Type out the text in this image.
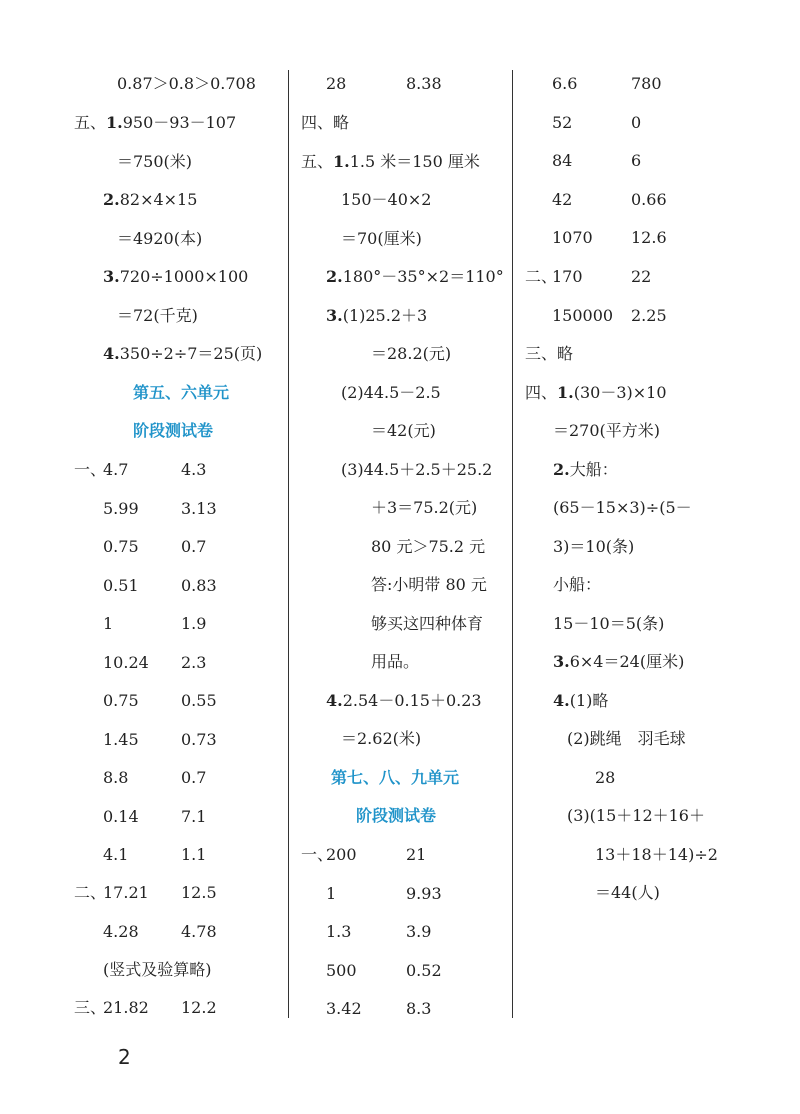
0.87＞0.8＞0.708
五、1.950－93－107
＝750(米)
2.82×4×15
＝4920(本)
3.720÷1000×100
＝72(千克)
4.350÷2÷7＝25(页)
第五、六单元
阶段测试卷
一、
4.7	4.3
5.99	3.13
0.75	0.7
0.51	0.83
1	1.9
10.24 2.3
0.75	0.55
1.45	0.73
8.8	0.7
0.14	7.1
4.1	1.1
二、
17.21 12.5
4.28	4.78
(竖式及验算略)
三、
21.82 12.2
28	8.38
四、略
五、1.1.5 米＝150 厘米
150－40×2
＝70(厘米)
2.180°－35°×2＝110°
3.(1)25.2＋3
＝28.2(元)
(2)44.5－2.5
＝42(元)
(3)44.5＋2.5＋25.2
＋3＝75.2(元)
80 元＞75.2 元
答:小明带 80 元
够买这四种体育
用品。
4.2.54－0.15＋0.23
＝2.62(米)
第七、八、九单元
阶段测试卷
一、
200	21
1	9.93
1.3	3.9
500	0.52
3.42	8.3
6.6	780
52	0
84	6
42	0.66
1070 12.6
二、
170	22
150000 2.25
三、略
四、1.(30－3)×10
＝270(平方米)
2.大船：
(65－15×3)÷(5－
3)＝10(条)
小船：
15－10＝5(条)
3.6×4＝24(厘米)
4.(1)略
(2)跳绳　羽毛球
28
(3)(15＋12＋16＋
13＋18＋14)÷2
＝44(人)
2
